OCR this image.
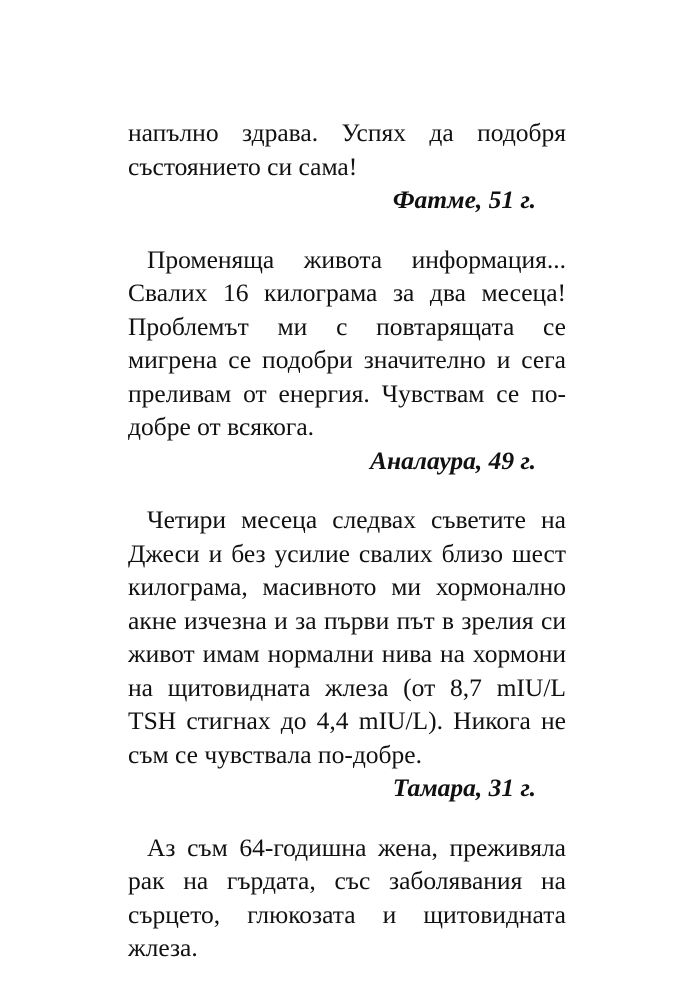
напълно здрава. Успях да подобря състоянието си сама!

Фатме, 51 г.

Променяща живота информация... Свалих 16 килограма за два месеца! Проблемът ми с повтарящата се мигрена се подобри значително и сега преливам от енергия. Чувствам се по-добре от всякога.

Аналаура, 49 г.

Четири месеца следвах съветите на Джеси и без усилие свалих близо шест килограма, масивното ми хормонално акне изчезна и за първи път в зрелия си живот имам нормални нива на хормони на щитовидната жлеза (от 8,7 mIU/L TSH стигнах до 4,4 mIU/L). Никога не съм се чувствала по-добре.

Тамара, 31 г.

Аз съм 64-годишна жена, преживяла рак на гърдата, със заболявания на сърцето, глюкозата и щитовидната жлеза.
